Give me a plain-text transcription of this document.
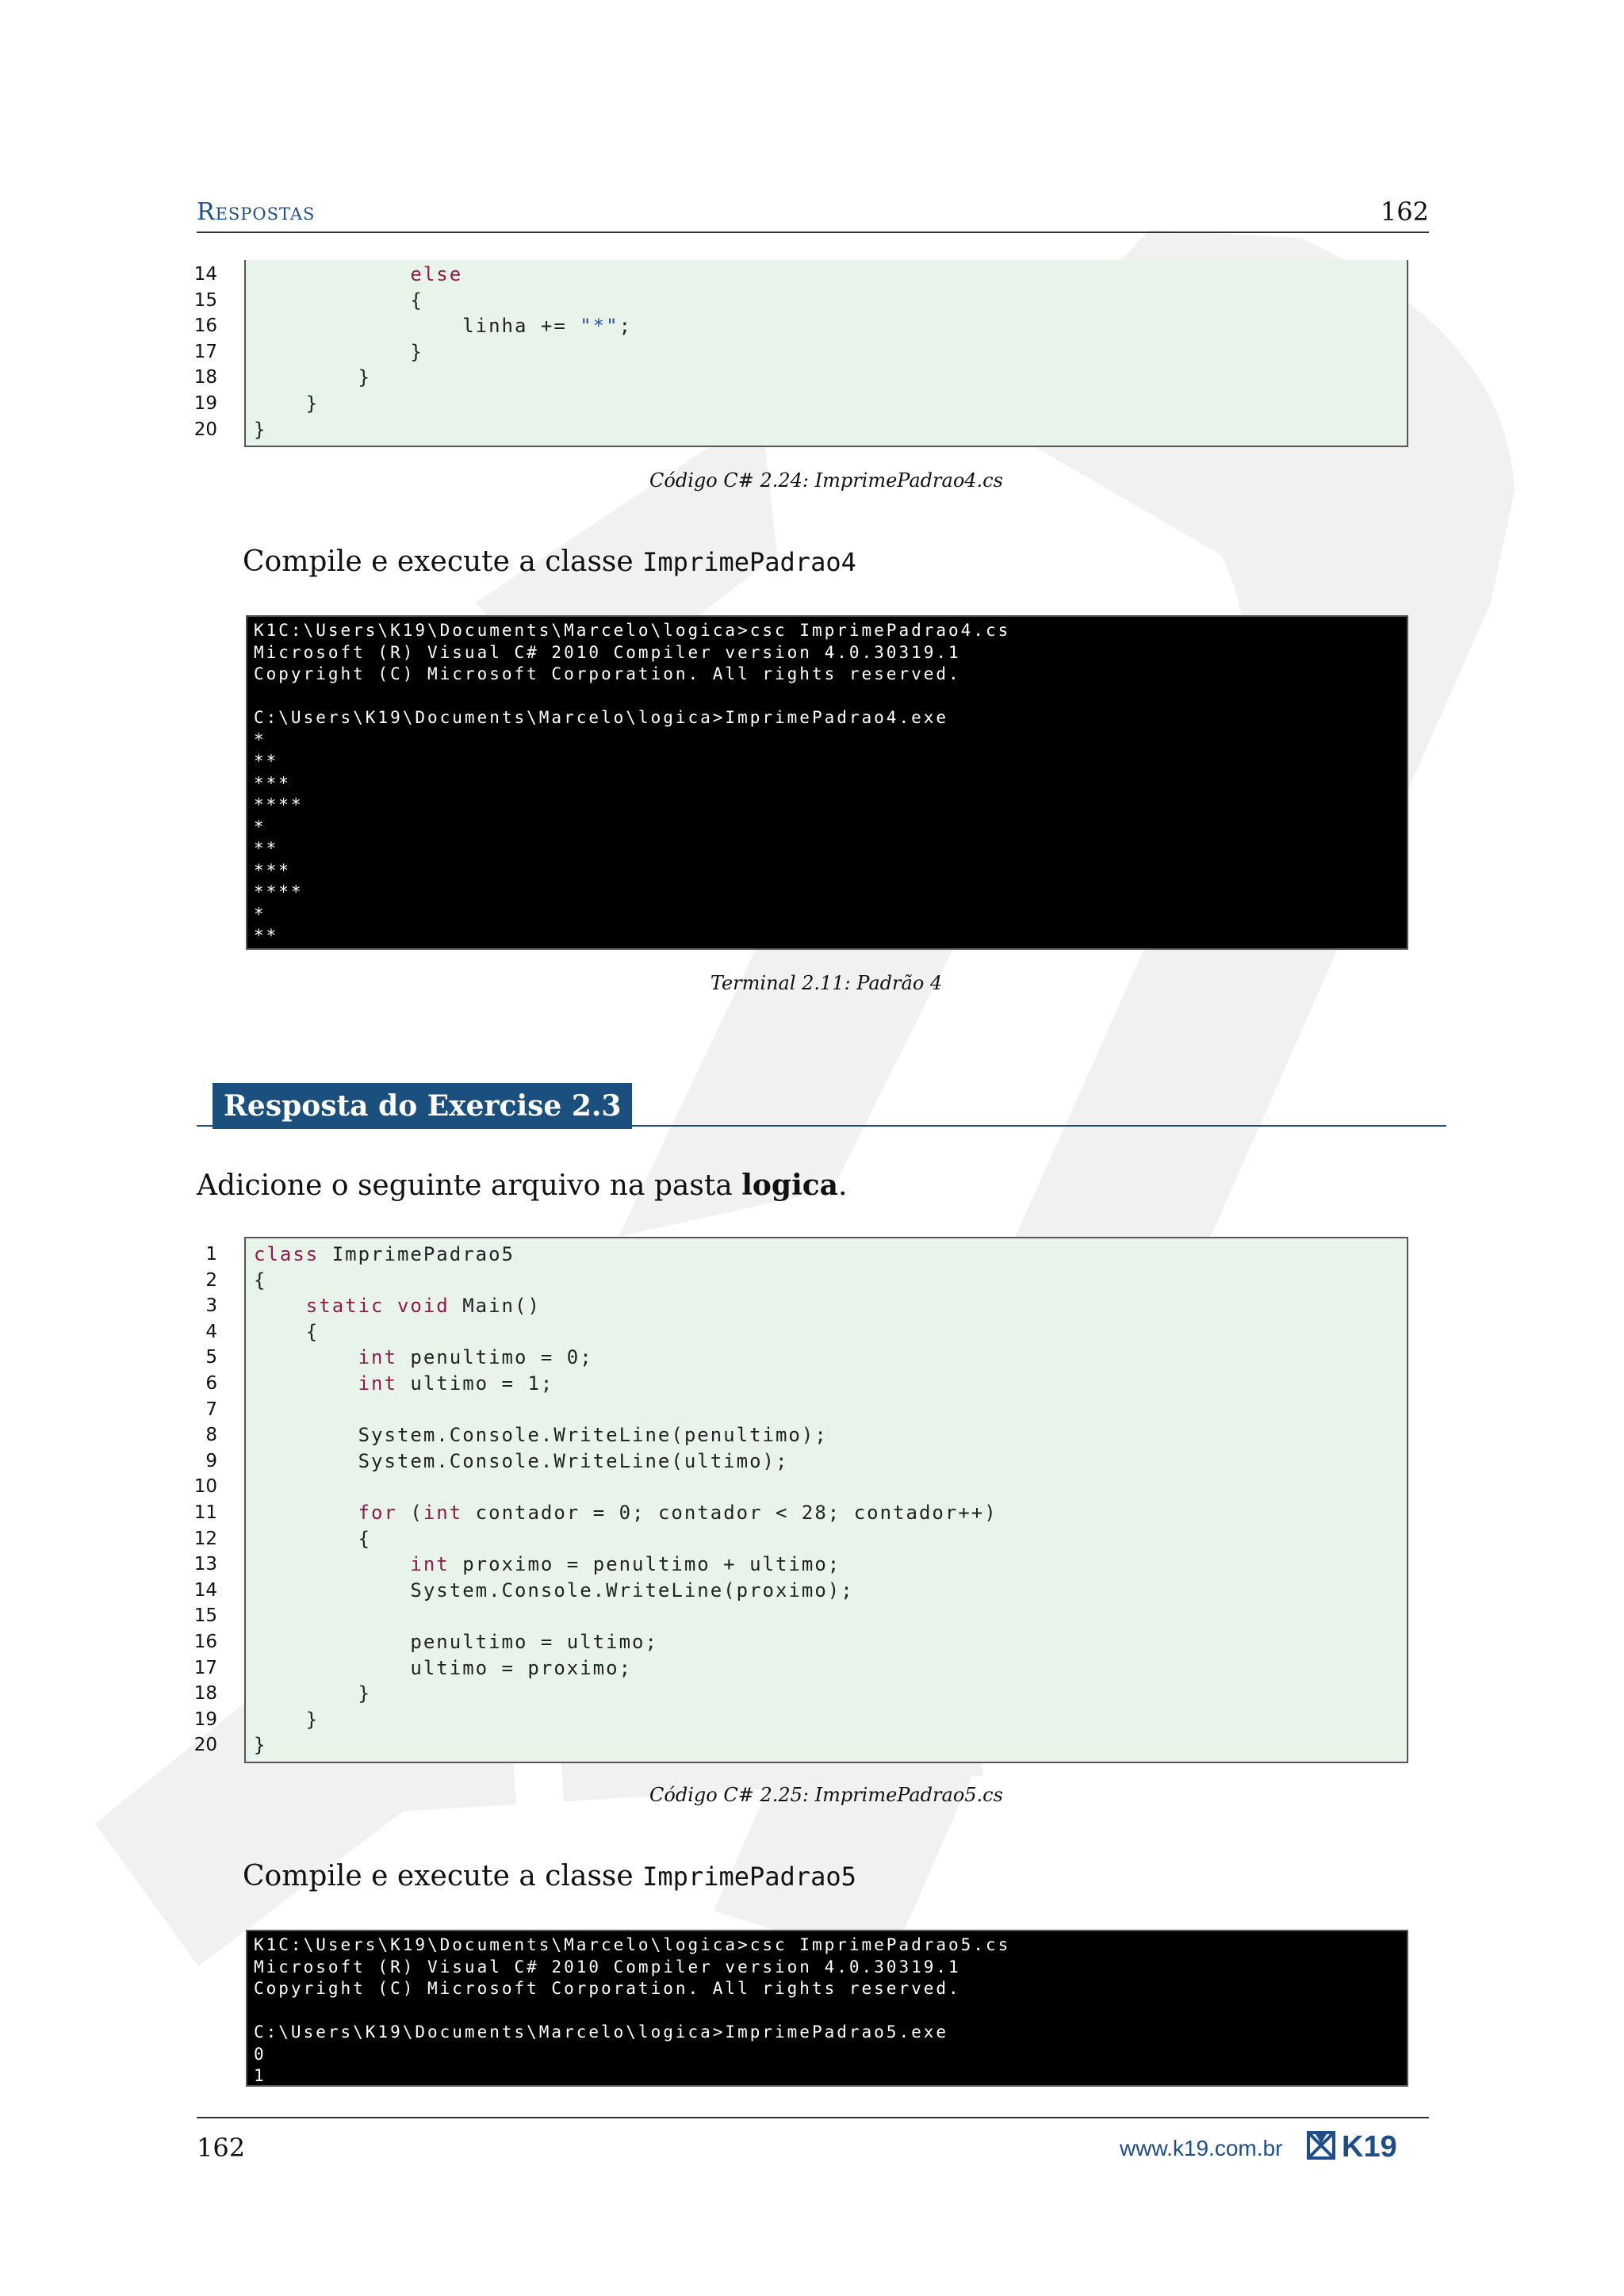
Respostas	162
14
15
16
17
18
19
20
else
{
linha += "*";
}
}
}
}
Código C# 2.24: ImprimePadrao4.cs
Compile e execute a classe ImprimePadrao4
K1C:\Users\K19\Documents\Marcelo\logica>csc ImprimePadrao4.cs
Microsoft (R) Visual C# 2010 Compiler version 4.0.30319.1
Copyright (C) Microsoft Corporation. All rights reserved.
C:\Users\K19\Documents\Marcelo\logica>ImprimePadrao4.exe
*
**
***
****
*
**
***
****
*
**
Terminal 2.11: Padrão 4
Resposta do Exercise 2.3
Adicione o seguinte arquivo na pasta logica.
1
2
3
4
5
6
7
8
9
10
11
12
13
14
15
16
17
18
19
20
class ImprimePadrao5
{
static void Main()
{
int penultimo = 0;
int ultimo = 1;
System.Console.WriteLine(penultimo);
System.Console.WriteLine(ultimo);
for (int contador = 0; contador < 28; contador++)
{
int proximo = penultimo + ultimo;
System.Console.WriteLine(proximo);
penultimo = ultimo;
ultimo = proximo;
}
}
}
Código C# 2.25: ImprimePadrao5.cs
Compile e execute a classe ImprimePadrao5
K1C:\Users\K19\Documents\Marcelo\logica>csc ImprimePadrao5.cs
Microsoft (R) Visual C# 2010 Compiler version 4.0.30319.1
Copyright (C) Microsoft Corporation. All rights reserved.
C:\Users\K19\Documents\Marcelo\logica>ImprimePadrao5.exe
0
1
162	www.k19.com.br K19
